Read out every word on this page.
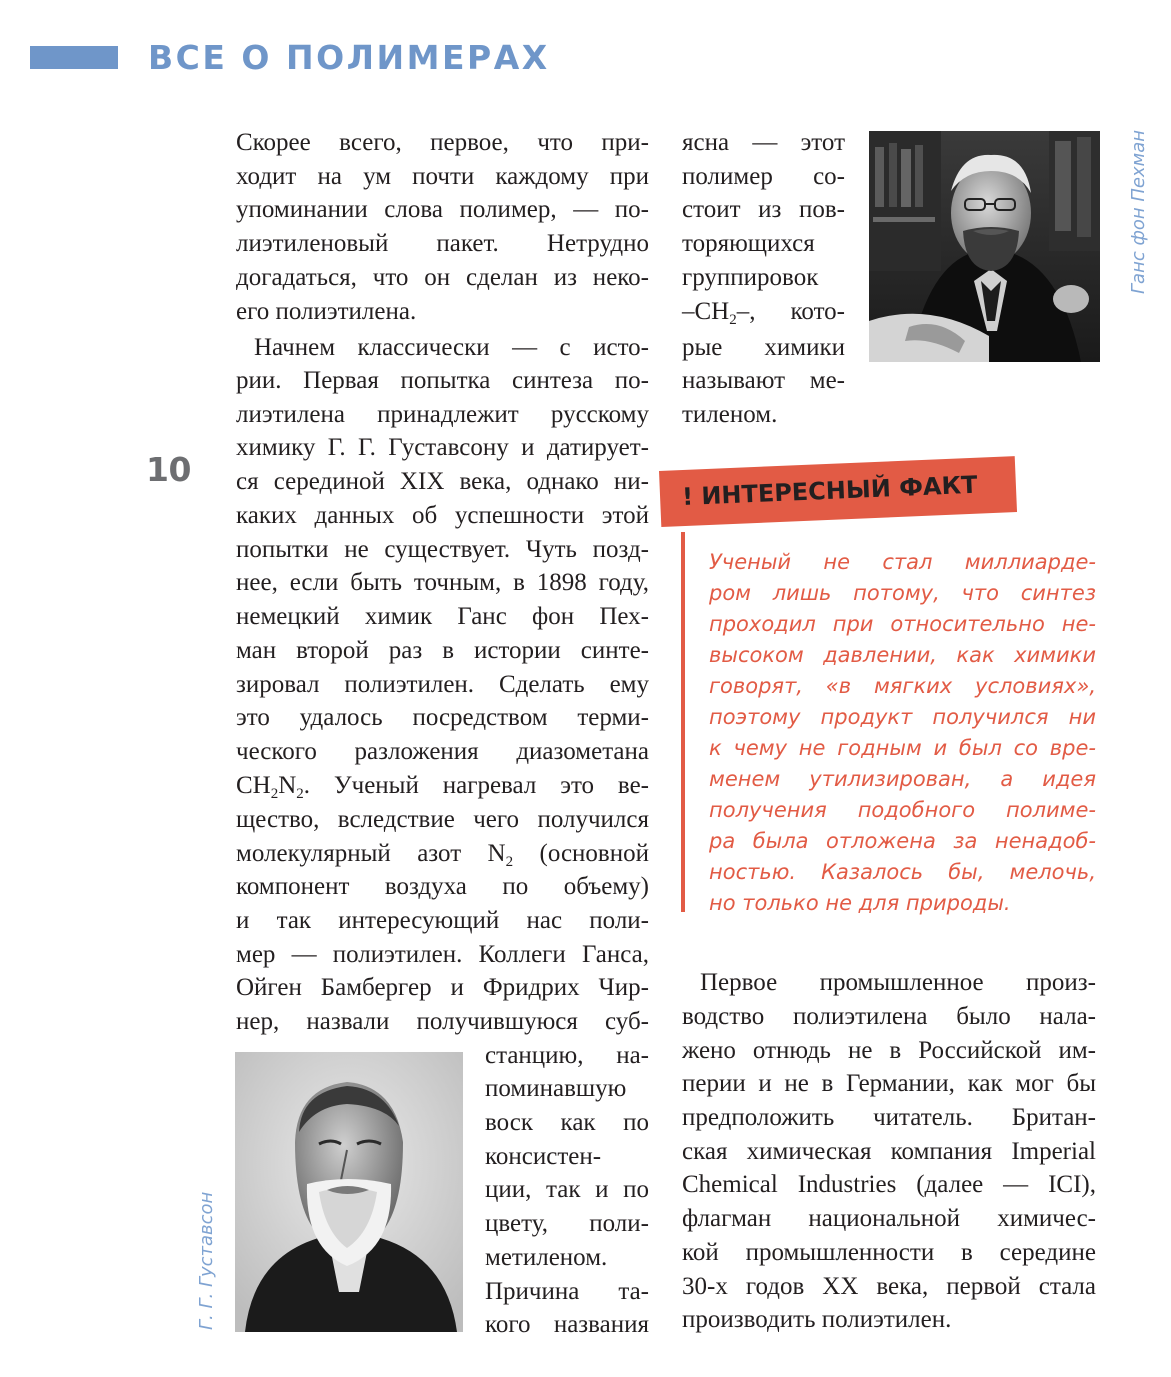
ВСЕ О ПОЛИМЕРАХ
10
Скорее всего, первое, что при-
ходит на ум почти каждому при
упоминании слова полимер, — по-
лиэтиленовый пакет. Нетрудно
догадаться, что он сделан из неко-
его полиэтилена.
Начнем классически — с исто-
рии. Первая попытка синтеза по-
лиэтилена принадлежит русскому
химику Г. Г. Густавсону и датирует-
ся серединой XIX века, однако ни-
каких данных об успешности этой
попытки не существует. Чуть позд-
нее, если быть точным, в 1898 году,
немецкий химик Ганс фон Пех-
ман второй раз в истории синте-
зировал полиэтилен. Сделать ему
это удалось посредством терми-
ческого разложения диазометана
$CH_2N_2$. Ученый нагревал это ве-
щество, вследствие чего получился
молекулярный азот $N_2$ (основной
компонент воздуха по объему)
и так интересующий нас поли-
мер — полиэтилен. Коллеги Ганса,
Ойген Бамбергер и Фридрих Чир-
нер, назвали получившуюся суб-
станцию, на-
поминавшую
воск как по
консистен-
ции, так и по
цвету, поли-
метиленом.
Причина та-
кого названия
ясна — этот
полимер со-
стоит из пов-
торяющихся
группировок
$-CH_2-$, кото-
рые химики
называют ме-
тиленом.
Ганс фон Пехман
! ИНТЕРЕСНЫЙ ФАКТ
Ученый не стал миллиарде-
ром лишь потому, что синтез
проходил при относительно не-
высоком давлении, как химики
говорят, «в мягких условиях»,
поэтому продукт получился ни
к чему не годным и был со вре-
менем утилизирован, а идея
получения подобного полиме-
ра была отложена за ненадоб-
ностью. Казалось бы, мелочь,
но только не для природы.
Первое промышленное произ-
водство полиэтилена было нала-
жено отнюдь не в Российской им-
перии и не в Германии, как мог бы
предположить читатель. Британ-
ская химическая компания Imperial
Chemical Industries (далее — ICI),
флагман национальной химичес-
кой промышленности в середине
30-х годов XX века, первой стала
производить полиэтилен.
Г. Г. Густавсон
